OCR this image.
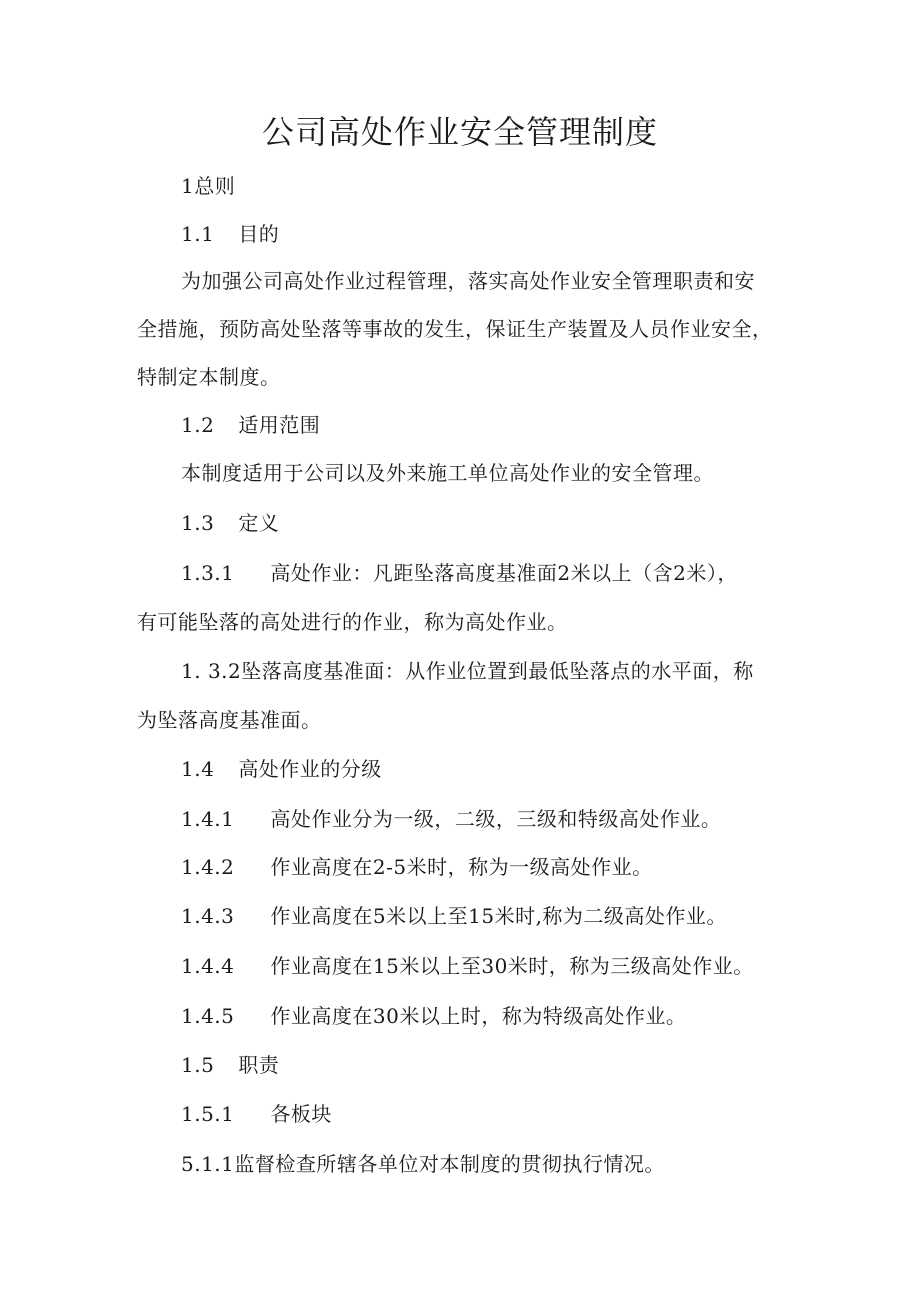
公司高处作业安全管理制度
1总则
1.1 目的
为加强公司高处作业过程管理，落实高处作业安全管理职责和安
全措施，预防高处坠落等事故的发生，保证生产装置及人员作业安全，
特制定本制度。
1.2 适用范围
本制度适用于公司以及外来施工单位高处作业的安全管理。
1.3 定义
1.3.1 高处作业：凡距坠落高度基准面2米以上（含2米），
有可能坠落的高处进行的作业，称为高处作业。
1. 3.2坠落高度基准面：从作业位置到最低坠落点的水平面，称
为坠落高度基准面。
1.4 高处作业的分级
1.4.1 高处作业分为一级，二级，三级和特级高处作业。
1.4.2 作业高度在2-5米时，称为一级高处作业。
1.4.3 作业高度在5米以上至15米时,称为二级高处作业。
1.4.4 作业高度在15米以上至30米时，称为三级高处作业。
1.4.5 作业高度在30米以上时，称为特级高处作业。
1.5 职责
1.5.1 各板块
5.1.1监督检查所辖各单位对本制度的贯彻执行情况。
